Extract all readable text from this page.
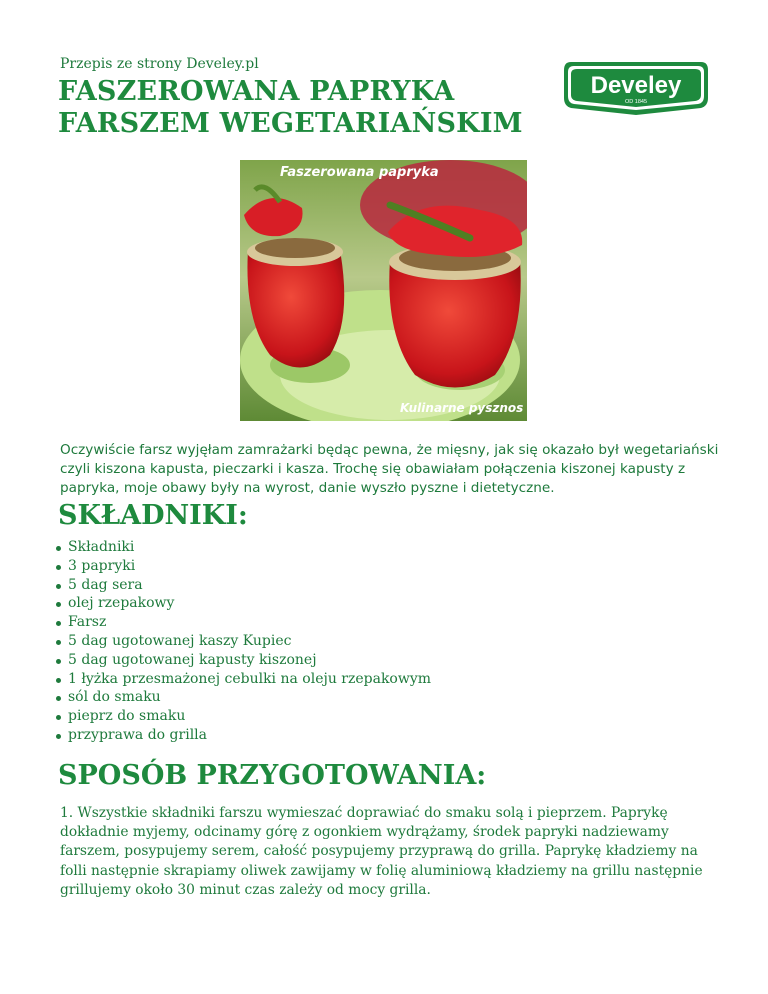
Przepis ze strony Develey.pl
FASZEROWANA PAPRYKA FARSZEM WEGETARIAŃSKIM
Develey
OD 1845
Faszerowana papryka
Kulinarne pysznos

Oczywiście farsz wyjęłam zamrażarki będąc pewna, że mięsny, jak się okazało był wegetariański czyli kiszona kapusta, pieczarki i kasza. Trochę się obawiałam połączenia kiszonej kapusty z papryka, moje obawy były na wyrost, danie wyszło pyszne i dietetyczne.

SKŁADNIKI:
Składniki
3 papryki
5 dag sera
olej rzepakowy
Farsz
5 dag ugotowanej kaszy Kupiec
5 dag ugotowanej kapusty kiszonej
1 łyżka przesmażonej cebulki na oleju rzepakowym
sól do smaku
pieprz do smaku
przyprawa do grilla
SPOSÓB PRZYGOTOWANIA:

1. Wszystkie składniki farszu wymieszać doprawiać do smaku solą i pieprzem. Paprykę dokładnie myjemy, odcinamy górę z ogonkiem wydrążamy, środek papryki nadziewamy farszem, posypujemy serem, całość posypujemy przyprawą do grilla. Paprykę kładziemy na folli następnie skrapiamy oliwek zawijamy w folię aluminiową kładziemy na grillu następnie grillujemy około 30 minut czas zależy od mocy grilla.
